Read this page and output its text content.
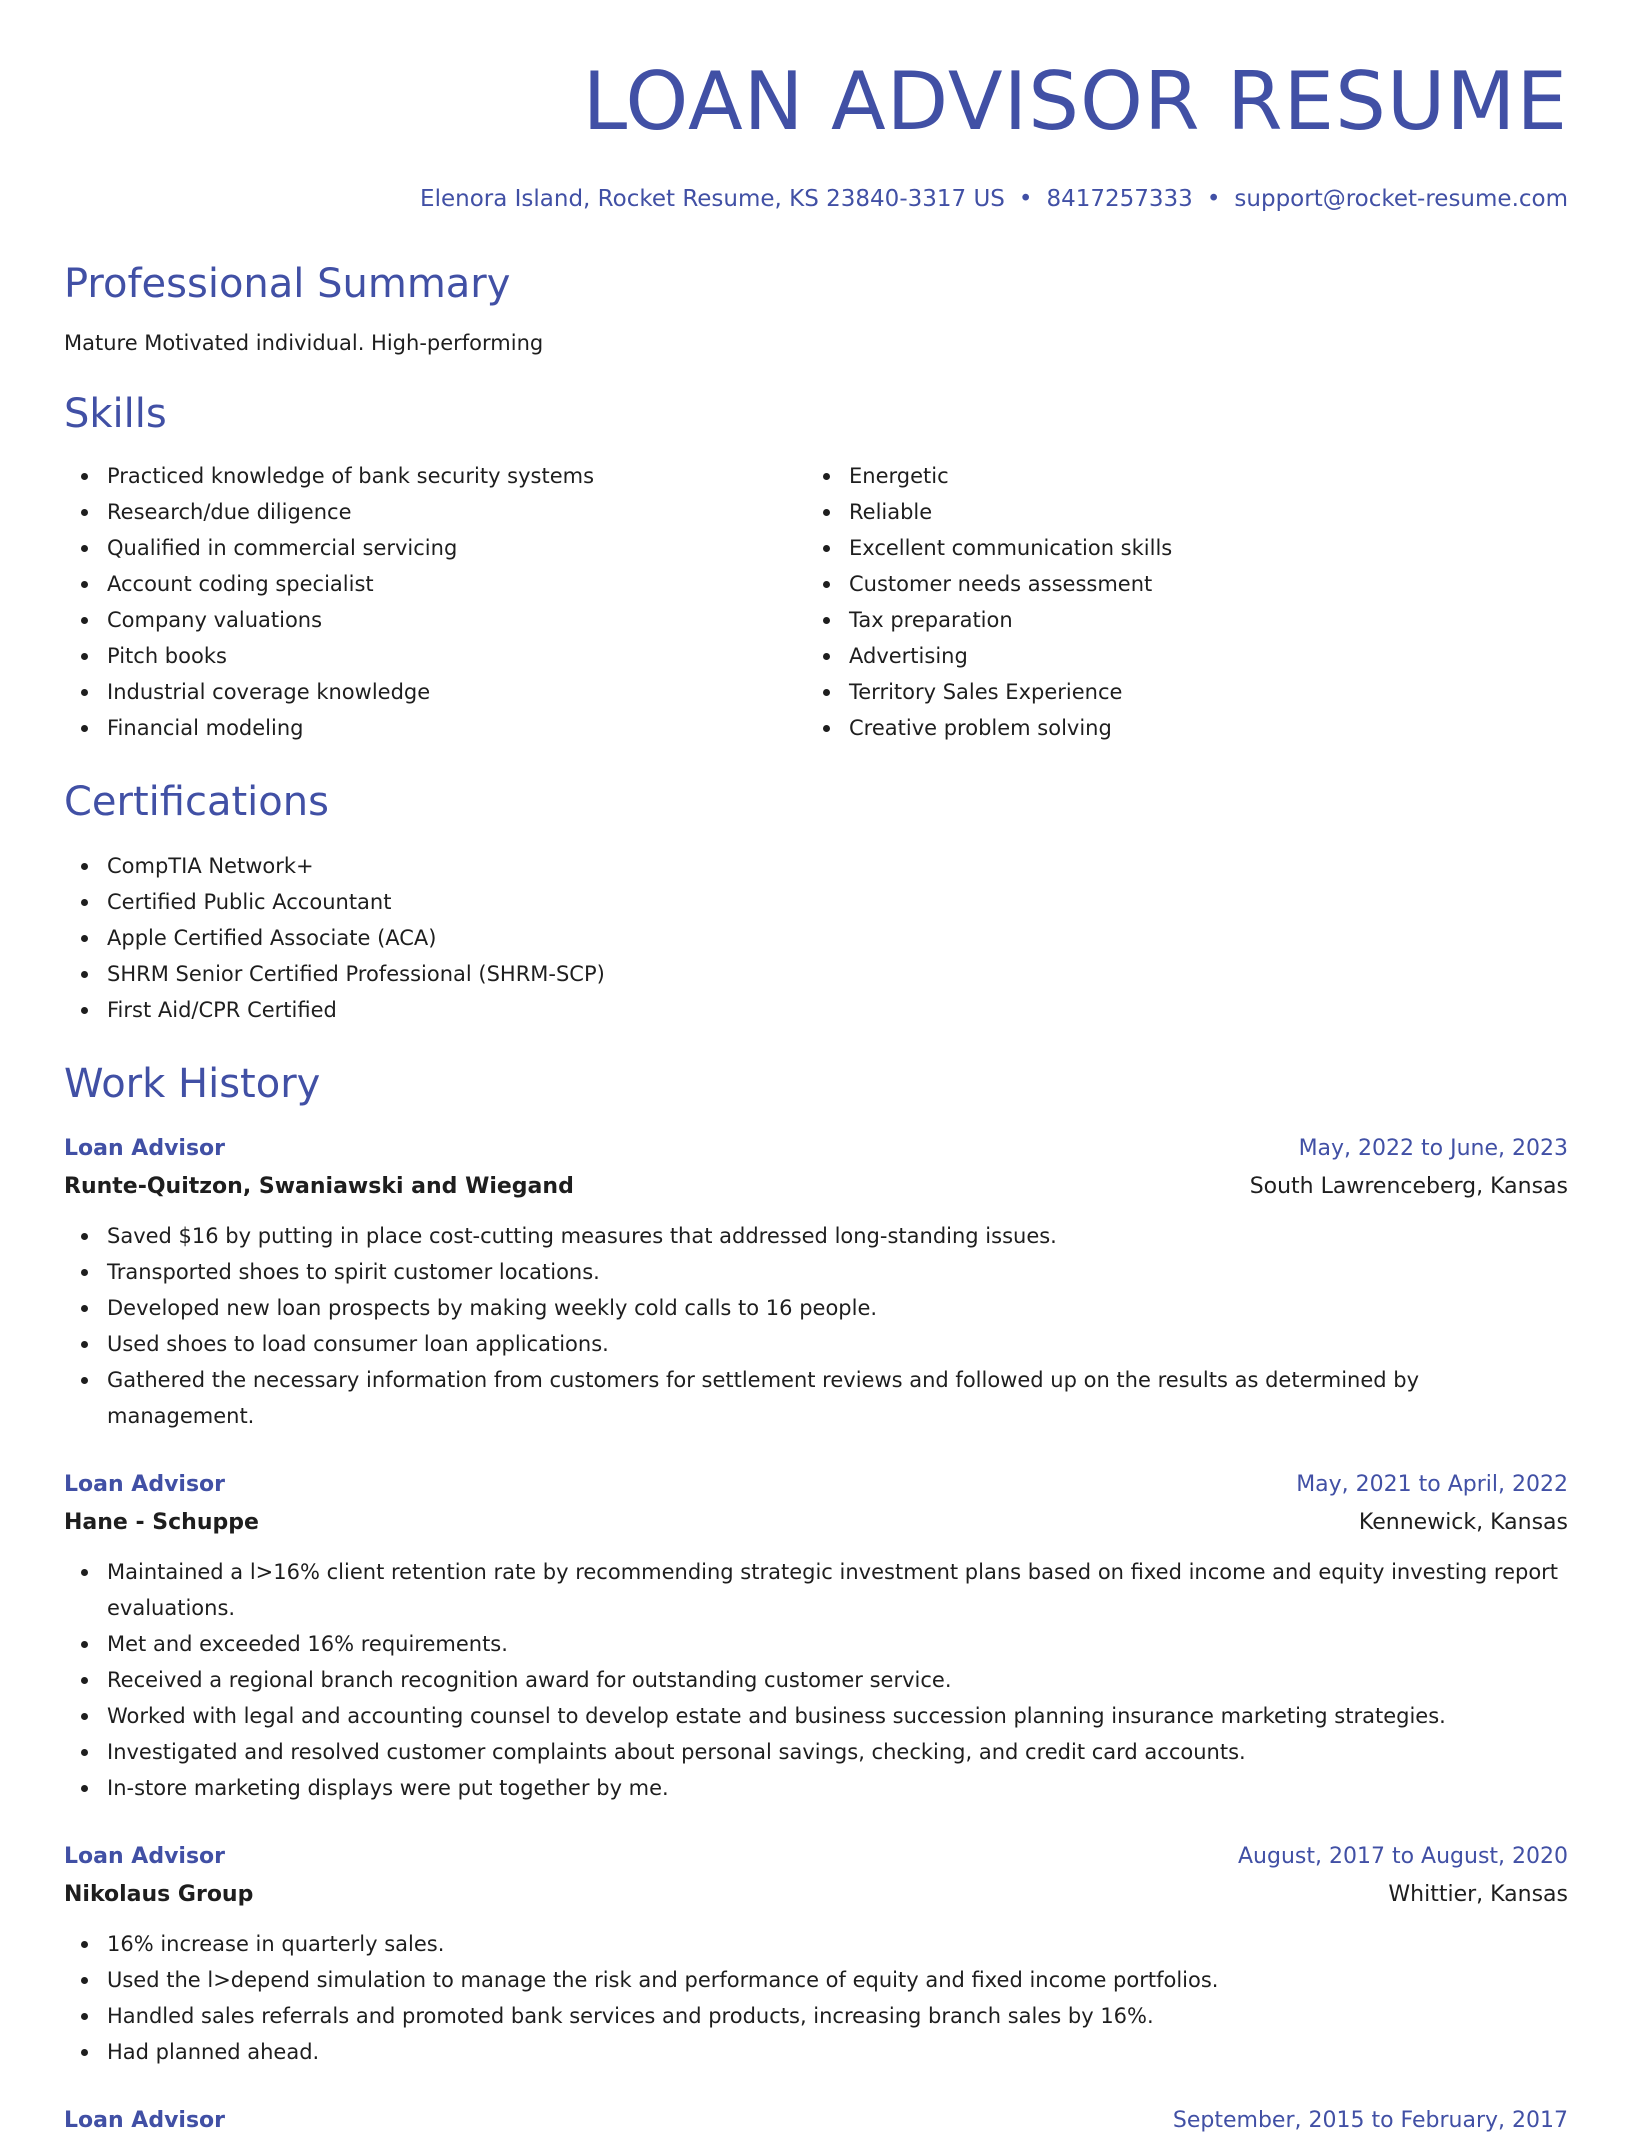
LOAN ADVISOR RESUME
Elenora Island, Rocket Resume, KS 23840-3317 US • 8417257333 • support@rocket-resume.com
Professional Summary
Mature Motivated individual. High-performing
Skills
Practiced knowledge of bank security systems
Research/due diligence
Qualified in commercial servicing
Account coding specialist
Company valuations
Pitch books
Industrial coverage knowledge
Financial modeling
Energetic
Reliable
Excellent communication skills
Customer needs assessment
Tax preparation
Advertising
Territory Sales Experience
Creative problem solving
Certifications
CompTIA Network+
Certified Public Accountant
Apple Certified Associate (ACA)
SHRM Senior Certified Professional (SHRM-SCP)
First Aid/CPR Certified
Work History
Loan Advisor	May, 2022 to June, 2023
Runte-Quitzon, Swaniawski and Wiegand	South Lawrenceberg, Kansas
Saved $16 by putting in place cost-cutting measures that addressed long-standing issues.
Transported shoes to spirit customer locations.
Developed new loan prospects by making weekly cold calls to 16 people.
Used shoes to load consumer loan applications.
Gathered the necessary information from customers for settlement reviews and followed up on the results as determined by management.
Loan Advisor	May, 2021 to April, 2022
Hane - Schuppe	Kennewick, Kansas
Maintained a l>16% client retention rate by recommending strategic investment plans based on fixed income and equity investing report evaluations.
Met and exceeded 16% requirements.
Received a regional branch recognition award for outstanding customer service.
Worked with legal and accounting counsel to develop estate and business succession planning insurance marketing strategies.
Investigated and resolved customer complaints about personal savings, checking, and credit card accounts.
In-store marketing displays were put together by me.
Loan Advisor	August, 2017 to August, 2020
Nikolaus Group	Whittier, Kansas
16% increase in quarterly sales.
Used the l>depend simulation to manage the risk and performance of equity and fixed income portfolios.
Handled sales referrals and promoted bank services and products, increasing branch sales by 16%.
Had planned ahead.
Loan Advisor	September, 2015 to February, 2017
